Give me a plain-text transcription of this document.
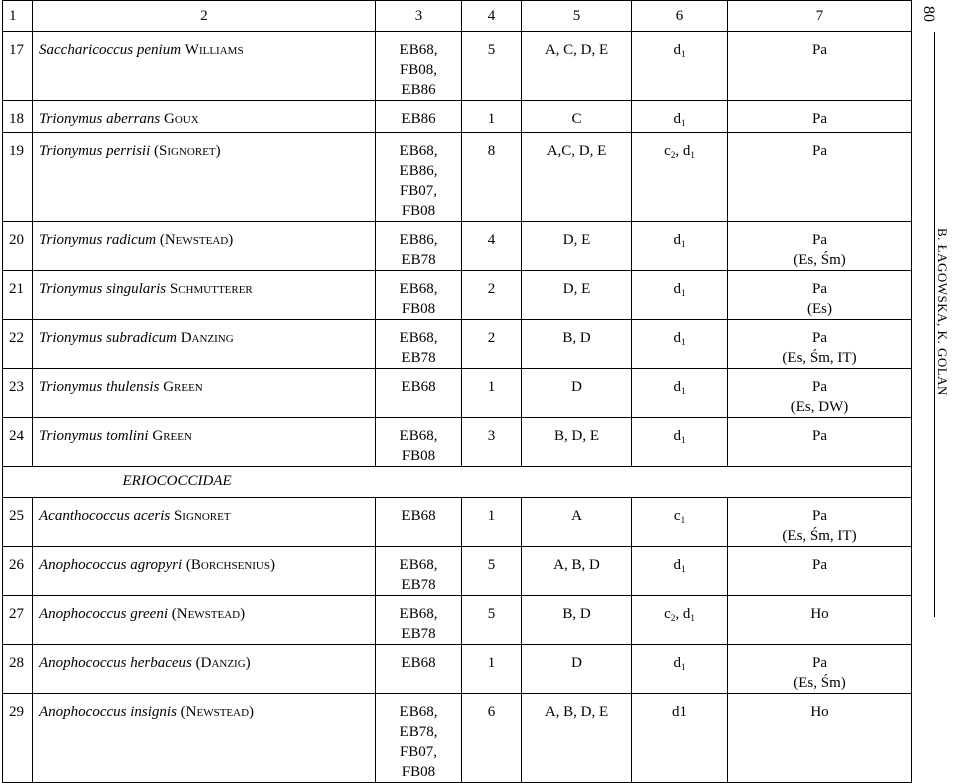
1	2	3	4	5	6	7
17	Saccharicoccus penium Williams	EB68, FB08,
EB86	5	A, C, D, E	$d_1$	Pa

18	Trionymus aberrans Goux	EB86	1	C	$d_1$	Pa

19	Trionymus perrisii (Signoret)	EB68, EB86,
FB07, FB08	8	A,C, D, E	$c_2$, $d_1$	Pa

20	Trionymus radicum (Newstead)	EB86, EB78	4	D, E	$d_1$	Pa
(Es, Śm)

21	Trionymus singularis Schmutterer	EB68, FB08	2	D, E	$d_1$	Pa
(Es)

22	Trionymus subradicum Danzing	EB68, EB78	2	B, D	$d_1$	Pa
(Es, Śm, IT)

23	Trionymus thulensis Green	EB68	1	D	$d_1$	Pa
(Es, DW)

24	Trionymus tomlini Green	EB68, FB08	3	B, D, E	$d_1$	Pa

	ERIOCOCCIDAE					
25	Acanthococcus aceris Signoret	EB68	1	A	$c_1$	Pa
(Es, Śm, IT)

26	Anophococcus agropyri (Borchsenius)	EB68, EB78	5	A, B, D	$d_1$	Pa

27	Anophococcus greeni (Newstead)	EB68, EB78	5	B, D	$c_2$, $d_1$	Ho

28	Anophococcus herbaceus (Danzig)	EB68	1	D	$d_1$	Pa
(Es, Śm)

29	Anophococcus insignis (Newstead)	EB68, EB78,
FB07, FB08	6	A, B, D, E	d1	Ho
80
B. ŁAGOWSKA, K. GOLAN
